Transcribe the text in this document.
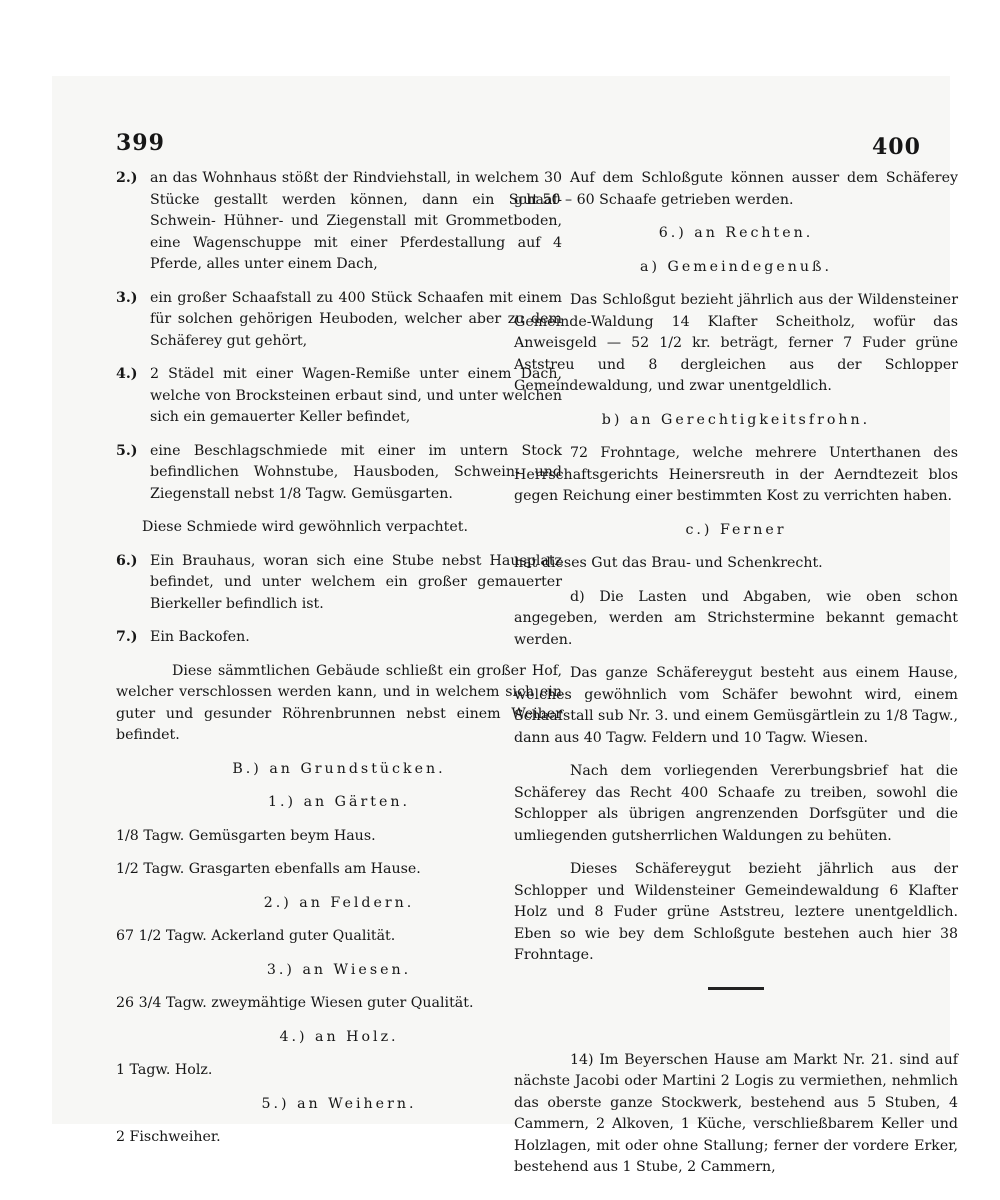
399	400
2.) an das Wohnhaus stößt der Rindviehstall, in welchem 30 Stücke gestallt werden können, dann ein Schaaf- Schwein- Hühner- und Ziegenstall mit Grommetboden, eine Wagenschuppe mit einer Pferdestallung auf 4 Pferde, alles unter einem Dach,
3.) ein großer Schaafstall zu 400 Stück Schaafen mit einem für solchen gehörigen Heuboden, welcher aber zu dem Schäferey gut gehört,
4.) 2 Städel mit einer Wagen-Remiße unter einem Dach, welche von Brocksteinen erbaut sind, und unter welchen sich ein gemauerter Keller befindet,
5.) eine Beschlagschmiede mit einer im untern Stock befindlichen Wohnstube, Hausboden, Schwein- und Ziegenstall nebst 1/8 Tagw. Gemüsgarten.

Diese Schmiede wird gewöhnlich verpachtet.

6.) Ein Brauhaus, woran sich eine Stube nebst Hausplatz befindet, und unter welchem ein großer gemauerter Bierkeller befindlich ist.
7.) Ein Backofen.

Diese sämmtlichen Gebäude schließt ein großer Hof, welcher verschlossen werden kann, und in welchem sich ein guter und gesunder Röhrenbrunnen nebst einem Weiher befindet.

B.) an Grundstücken.

1.) an Gärten.

1/8 Tagw. Gemüsgarten beym Haus.

1/2 Tagw. Grasgarten ebenfalls am Hause.

2.) an Feldern.

67 1/2 Tagw. Ackerland guter Qualität.

3.) an Wiesen.

26 3/4 Tagw. zweymähtige Wiesen guter Qualität.

4.) an Holz.

1 Tagw. Holz.

5.) an Weihern.

2 Fischweiher.

Auf dem Schloßgute können ausser dem Schäferey gut 50 – 60 Schaafe getrieben werden.

6.) an Rechten.

a) Gemeindegenuß.

Das Schloßgut bezieht jährlich aus der Wildensteiner Gemeinde-Waldung 14 Klafter Scheitholz, wofür das Anweisgeld — 52 1/2 kr. beträgt, ferner 7 Fuder grüne Aststreu und 8 dergleichen aus der Schlopper Gemeindewaldung, und zwar unentgeldlich.

b) an Gerechtigkeitsfrohn.

72 Frohntage, welche mehrere Unterthanen des Herrschaftsgerichts Heinersreuth in der Aerndtezeit blos gegen Reichung einer bestimmten Kost zu verrichten haben.

c.) Ferner

hat dieses Gut das Brau- und Schenkrecht.

d) Die Lasten und Abgaben, wie oben schon angegeben, werden am Strichstermine bekannt gemacht werden.

Das ganze Schäfereygut besteht aus einem Hause, welches gewöhnlich vom Schäfer bewohnt wird, einem Schaafstall sub Nr. 3. und einem Gemüsgärtlein zu 1/8 Tagw., dann aus 40 Tagw. Feldern und 10 Tagw. Wiesen.

Nach dem vorliegenden Vererbungsbrief hat die Schäferey das Recht 400 Schaafe zu treiben, sowohl die Schlopper als übrigen angrenzenden Dorfsgüter und die umliegenden gutsherrlichen Waldungen zu behüten.

Dieses Schäfereygut bezieht jährlich aus der Schlopper und Wildensteiner Gemeindewaldung 6 Klafter Holz und 8 Fuder grüne Aststreu, leztere unentgeldlich. Eben so wie bey dem Schloßgute bestehen auch hier 38 Frohntage.

14) Im Beyerschen Hause am Markt Nr. 21. sind auf nächste Jacobi oder Martini 2 Logis zu vermiethen, nehmlich das oberste ganze Stockwerk, bestehend aus 5 Stuben, 4 Cammern, 2 Alkoven, 1 Küche, verschließbarem Keller und Holzlagen, mit oder ohne Stallung; ferner der vordere Erker, bestehend aus 1 Stube, 2 Cammern,
